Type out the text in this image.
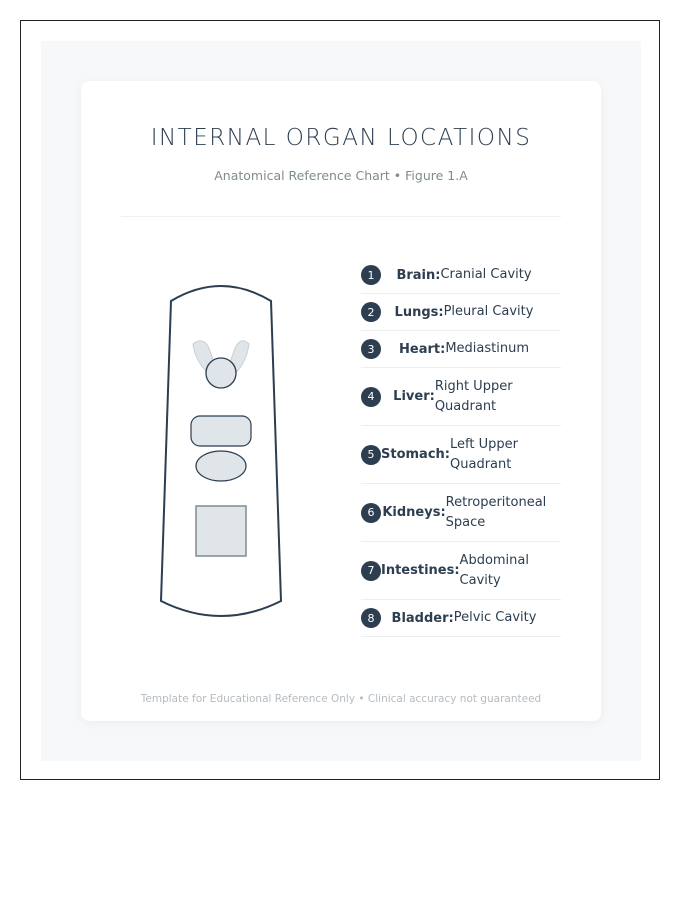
INTERNAL ORGAN LOCATIONS
Anatomical Reference Chart • Figure 1.A
1	Brain: Cranial Cavity
2	Lungs: Pleural Cavity
3	Heart: Mediastinum
4	Liver:
Right Upper Quadrant
5 Stomach:
Left Upper Quadrant
6 Kidneys:
Retroperitoneal Space
7 Intestines:
Abdominal Cavity
8	Bladder: Pelvic Cavity
Template for Educational Reference Only • Clinical accuracy not guaranteed
